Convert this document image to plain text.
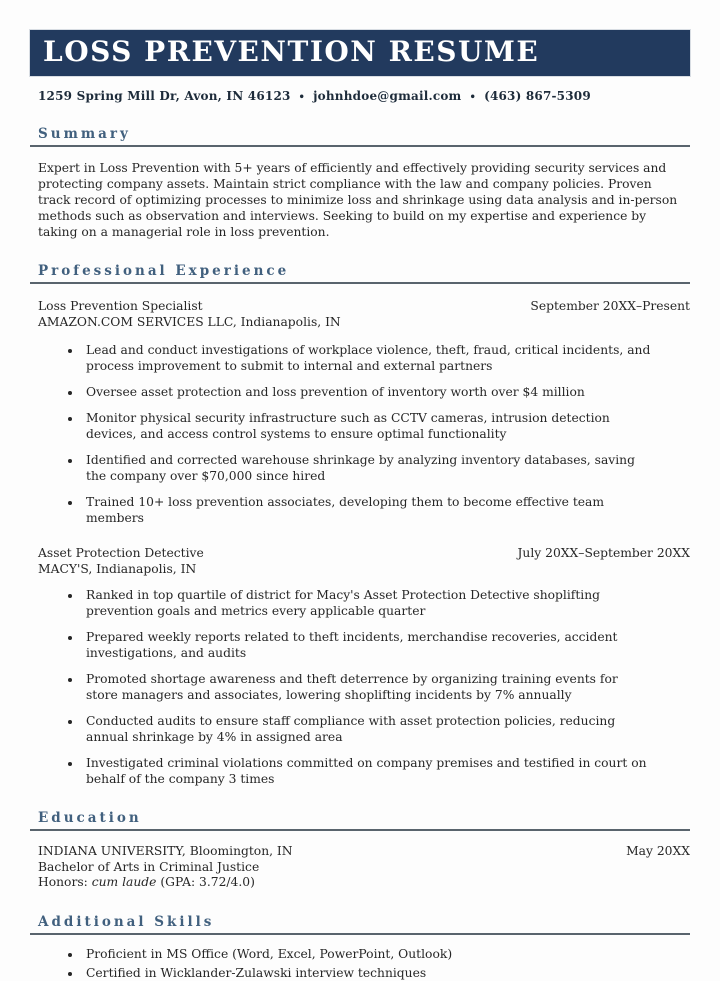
LOSS PREVENTION RESUME
1259 Spring Mill Dr, Avon, IN 46123 • johnhdoe@gmail.com • (463) 867-5309
Summary

Expert in Loss Prevention with 5+ years of efficiently and effectively providing security services and protecting company assets. Maintain strict compliance with the law and company policies. Proven track record of optimizing processes to minimize loss and shrinkage using data analysis and in-person methods such as observation and interviews. Seeking to build on my expertise and experience by taking on a managerial role in loss prevention.

Professional Experience
Loss Prevention Specialist
AMAZON.COM SERVICES LLC, Indianapolis, IN
September 20XX–Present
• Lead and conduct investigations of workplace violence, theft, fraud, critical incidents, and process improvement to submit to internal and external partners
• Oversee asset protection and loss prevention of inventory worth over $4 million
• Monitor physical security infrastructure such as CCTV cameras, intrusion detection devices, and access control systems to ensure optimal functionality
• Identified and corrected warehouse shrinkage by analyzing inventory databases, saving the company over $70,000 since hired
• Trained 10+ loss prevention associates, developing them to become effective team members
Asset Protection Detective
MACY'S, Indianapolis, IN
July 20XX–September 20XX
• Ranked in top quartile of district for Macy's Asset Protection Detective shoplifting prevention goals and metrics every applicable quarter
• Prepared weekly reports related to theft incidents, merchandise recoveries, accident investigations, and audits
• Promoted shortage awareness and theft deterrence by organizing training events for store managers and associates, lowering shoplifting incidents by 7% annually
• Conducted audits to ensure staff compliance with asset protection policies, reducing annual shrinkage by 4% in assigned area
• Investigated criminal violations committed on company premises and testified in court on behalf of the company 3 times
Education
INDIANA UNIVERSITY, Bloomington, IN
Bachelor of Arts in Criminal Justice
Honors: cum laude (GPA: 3.72/4.0)
May 20XX
Additional Skills
• Proficient in MS Office (Word, Excel, PowerPoint, Outlook)
• Certified in Wicklander-Zulawski interview techniques
